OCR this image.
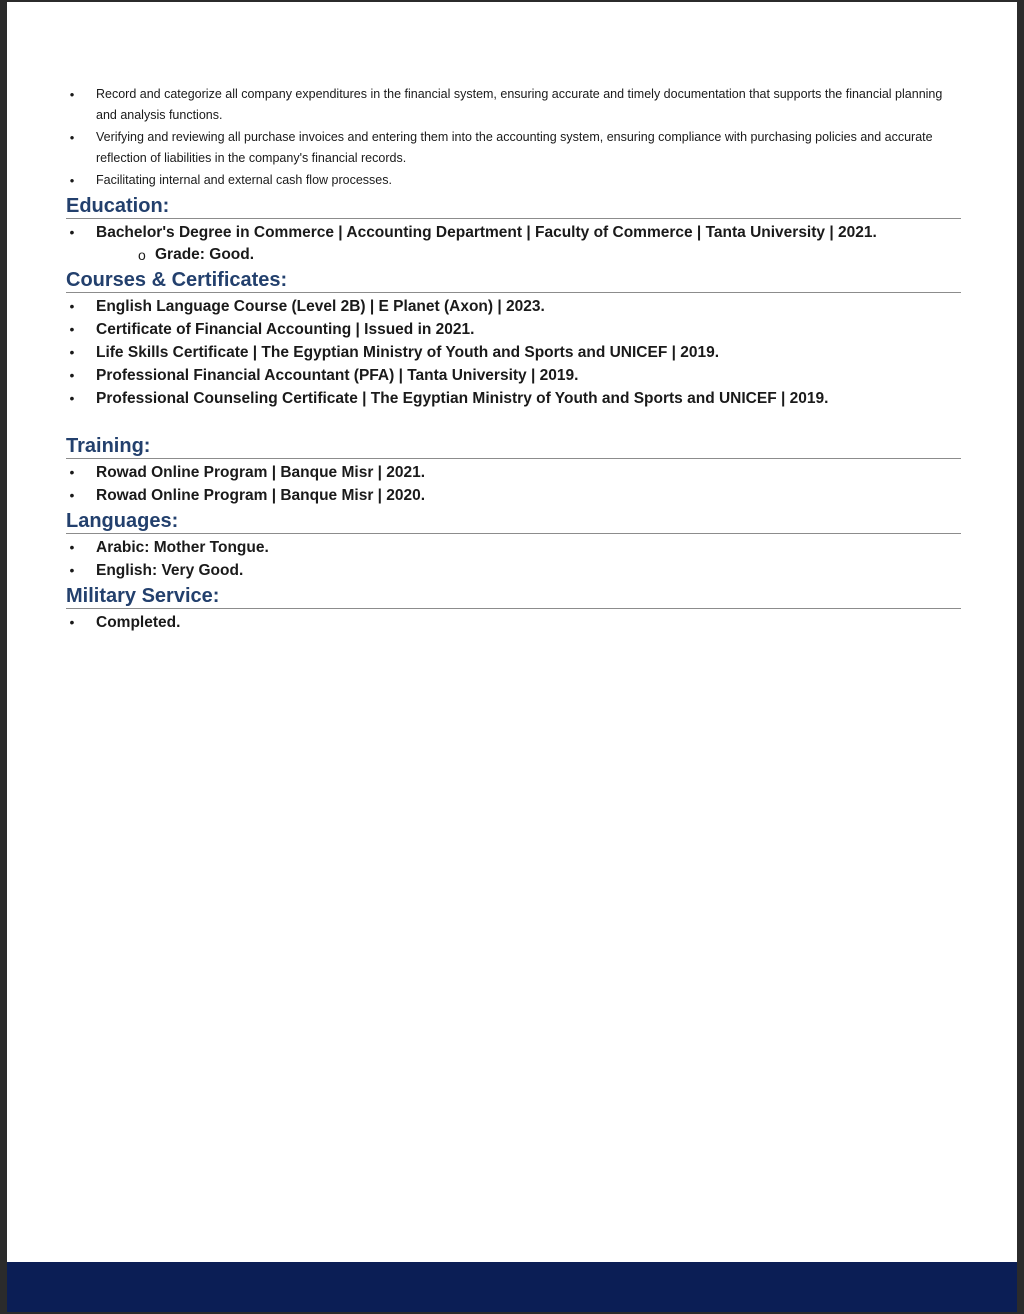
• Record and categorize all company expenditures in the financial system, ensuring accurate and timely documentation that supports the financial planning and analysis functions.
• Verifying and reviewing all purchase invoices and entering them into the accounting system, ensuring compliance with purchasing policies and accurate reflection of liabilities in the company's financial records.
• Facilitating internal and external cash flow processes.
Education:
• Bachelor's Degree in Commerce | Accounting Department | Faculty of Commerce | Tanta University | 2021.
o Grade: Good.
Courses & Certificates:
• English Language Course (Level 2B) | E Planet (Axon) | 2023.
• Certificate of Financial Accounting | Issued in 2021.
• Life Skills Certificate | The Egyptian Ministry of Youth and Sports and UNICEF | 2019.
• Professional Financial Accountant (PFA) | Tanta University | 2019.
• Professional Counseling Certificate | The Egyptian Ministry of Youth and Sports and UNICEF | 2019.
Training:
• Rowad Online Program | Banque Misr | 2021.
• Rowad Online Program | Banque Misr | 2020.
Languages:
• Arabic: Mother Tongue.
• English: Very Good.
Military Service:
• Completed.
